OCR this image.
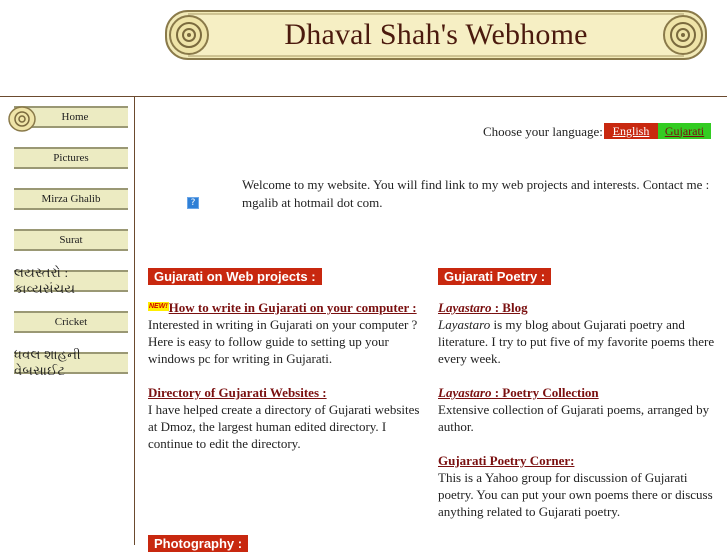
Dhaval Shah's Webhome
Home
Pictures
Mirza Ghalib
Surat
લયસ્તરો : કાવ્યસંચય
Cricket
ધવલ શાહની વેબસાઈટ
Choose your language: English	Gujarati
?
Welcome to my website. You will find link to my web projects and interests. Contact me : mgalib at hotmail dot com.
Gujarati on Web projects :
NEW!How to write in Gujarati on your computer :

Interested in writing in Gujarati on your computer ? Here is easy to follow guide to setting up your windows pc for writing in Gujarati.

Directory of Gujarati Websites :

I have helped create a directory of Gujarati websites at Dmoz, the largest human edited directory. I continue to edit the directory.

Gujarati Poetry :
Layastaro : Blog

Layastaro is my blog about Gujarati poetry and literature. I try to put five of my favorite poems there every week.

Layastaro : Poetry Collection

Extensive collection of Gujarati poems, arranged by author.

Gujarati Poetry Corner:

This is a Yahoo group for discussion of Gujarati poetry. You can put your own poems there or discuss anything related to Gujarati poetry.

Photography :
